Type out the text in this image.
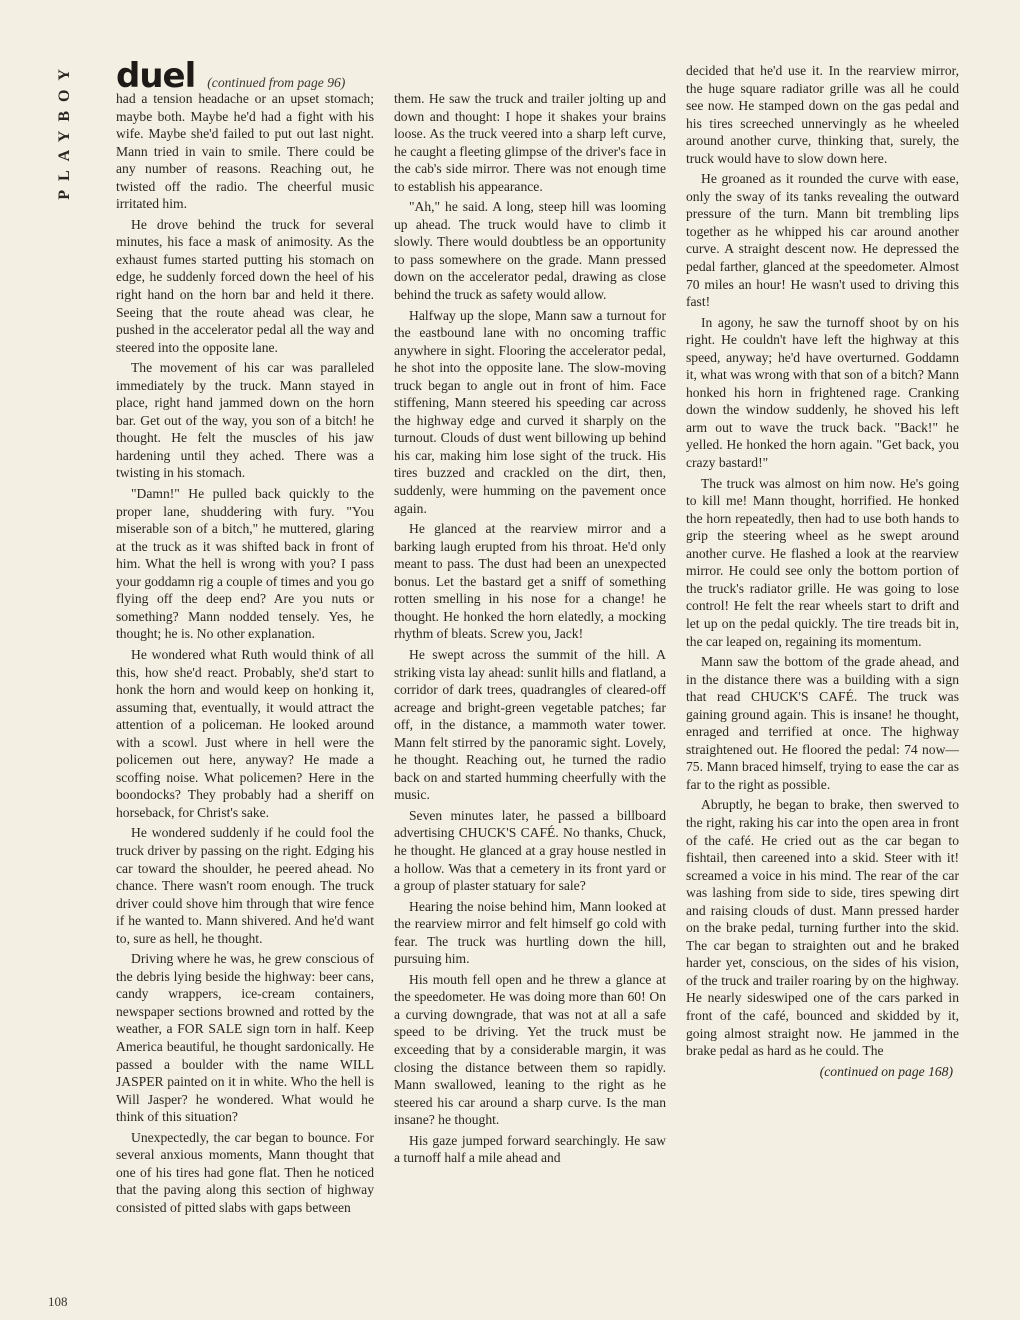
PLAYBOY
108
duel (continued from page 96)

had a tension headache or an upset stomach; maybe both. Maybe he'd had a fight with his wife. Maybe she'd failed to put out last night. Mann tried in vain to smile. There could be any number of reasons. Reaching out, he twisted off the radio. The cheerful music irritated him.

He drove behind the truck for several minutes, his face a mask of animosity. As the exhaust fumes started putting his stomach on edge, he suddenly forced down the heel of his right hand on the horn bar and held it there. Seeing that the route ahead was clear, he pushed in the accelerator pedal all the way and steered into the opposite lane.

The movement of his car was paralleled immediately by the truck. Mann stayed in place, right hand jammed down on the horn bar. Get out of the way, you son of a bitch! he thought. He felt the muscles of his jaw hardening until they ached. There was a twisting in his stomach.

"Damn!" He pulled back quickly to the proper lane, shuddering with fury. "You miserable son of a bitch," he muttered, glaring at the truck as it was shifted back in front of him. What the hell is wrong with you? I pass your goddamn rig a couple of times and you go flying off the deep end? Are you nuts or something? Mann nodded tensely. Yes, he thought; he is. No other explanation.

He wondered what Ruth would think of all this, how she'd react. Probably, she'd start to honk the horn and would keep on honking it, assuming that, eventually, it would attract the attention of a policeman. He looked around with a scowl. Just where in hell were the policemen out here, anyway? He made a scoffing noise. What policemen? Here in the boondocks? They probably had a sheriff on horseback, for Christ's sake.

He wondered suddenly if he could fool the truck driver by passing on the right. Edging his car toward the shoulder, he peered ahead. No chance. There wasn't room enough. The truck driver could shove him through that wire fence if he wanted to. Mann shivered. And he'd want to, sure as hell, he thought.

Driving where he was, he grew conscious of the debris lying beside the highway: beer cans, candy wrappers, ice-cream containers, newspaper sections browned and rotted by the weather, a FOR SALE sign torn in half. Keep America beautiful, he thought sardonically. He passed a boulder with the name WILL JASPER painted on it in white. Who the hell is Will Jasper? he wondered. What would he think of this situation?

Unexpectedly, the car began to bounce. For several anxious moments, Mann thought that one of his tires had gone flat. Then he noticed that the paving along this section of highway consisted of pitted slabs with gaps between

them. He saw the truck and trailer jolting up and down and thought: I hope it shakes your brains loose. As the truck veered into a sharp left curve, he caught a fleeting glimpse of the driver's face in the cab's side mirror. There was not enough time to establish his appearance.

"Ah," he said. A long, steep hill was looming up ahead. The truck would have to climb it slowly. There would doubtless be an opportunity to pass somewhere on the grade. Mann pressed down on the accelerator pedal, drawing as close behind the truck as safety would allow.

Halfway up the slope, Mann saw a turnout for the eastbound lane with no oncoming traffic anywhere in sight. Flooring the accelerator pedal, he shot into the opposite lane. The slow-moving truck began to angle out in front of him. Face stiffening, Mann steered his speeding car across the highway edge and curved it sharply on the turnout. Clouds of dust went billowing up behind his car, making him lose sight of the truck. His tires buzzed and crackled on the dirt, then, suddenly, were humming on the pavement once again.

He glanced at the rearview mirror and a barking laugh erupted from his throat. He'd only meant to pass. The dust had been an unexpected bonus. Let the bastard get a sniff of something rotten smelling in his nose for a change! he thought. He honked the horn elatedly, a mocking rhythm of bleats. Screw you, Jack!

He swept across the summit of the hill. A striking vista lay ahead: sunlit hills and flatland, a corridor of dark trees, quadrangles of cleared-off acreage and bright-green vegetable patches; far off, in the distance, a mammoth water tower. Mann felt stirred by the panoramic sight. Lovely, he thought. Reaching out, he turned the radio back on and started humming cheerfully with the music.

Seven minutes later, he passed a billboard advertising CHUCK'S CAFÉ. No thanks, Chuck, he thought. He glanced at a gray house nestled in a hollow. Was that a cemetery in its front yard or a group of plaster statuary for sale?

Hearing the noise behind him, Mann looked at the rearview mirror and felt himself go cold with fear. The truck was hurtling down the hill, pursuing him.

His mouth fell open and he threw a glance at the speedometer. He was doing more than 60! On a curving downgrade, that was not at all a safe speed to be driving. Yet the truck must be exceeding that by a considerable margin, it was closing the distance between them so rapidly. Mann swallowed, leaning to the right as he steered his car around a sharp curve. Is the man insane? he thought.

His gaze jumped forward searchingly. He saw a turnoff half a mile ahead and

decided that he'd use it. In the rearview mirror, the huge square radiator grille was all he could see now. He stamped down on the gas pedal and his tires screeched unnervingly as he wheeled around another curve, thinking that, surely, the truck would have to slow down here.

He groaned as it rounded the curve with ease, only the sway of its tanks revealing the outward pressure of the turn. Mann bit trembling lips together as he whipped his car around another curve. A straight descent now. He depressed the pedal farther, glanced at the speedometer. Almost 70 miles an hour! He wasn't used to driving this fast!

In agony, he saw the turnoff shoot by on his right. He couldn't have left the highway at this speed, anyway; he'd have overturned. Goddamn it, what was wrong with that son of a bitch? Mann honked his horn in frightened rage. Cranking down the window suddenly, he shoved his left arm out to wave the truck back. "Back!" he yelled. He honked the horn again. "Get back, you crazy bastard!"

The truck was almost on him now. He's going to kill me! Mann thought, horrified. He honked the horn repeatedly, then had to use both hands to grip the steering wheel as he swept around another curve. He flashed a look at the rearview mirror. He could see only the bottom portion of the truck's radiator grille. He was going to lose control! He felt the rear wheels start to drift and let up on the pedal quickly. The tire treads bit in, the car leaped on, regaining its momentum.

Mann saw the bottom of the grade ahead, and in the distance there was a building with a sign that read CHUCK'S CAFÉ. The truck was gaining ground again. This is insane! he thought, enraged and terrified at once. The highway straightened out. He floored the pedal: 74 now—75. Mann braced himself, trying to ease the car as far to the right as possible.

Abruptly, he began to brake, then swerved to the right, raking his car into the open area in front of the café. He cried out as the car began to fishtail, then careened into a skid. Steer with it! screamed a voice in his mind. The rear of the car was lashing from side to side, tires spewing dirt and raising clouds of dust. Mann pressed harder on the brake pedal, turning further into the skid. The car began to straighten out and he braked harder yet, conscious, on the sides of his vision, of the truck and trailer roaring by on the highway. He nearly sideswiped one of the cars parked in front of the café, bounced and skidded by it, going almost straight now. He jammed in the brake pedal as hard as he could. The

(continued on page 168)
